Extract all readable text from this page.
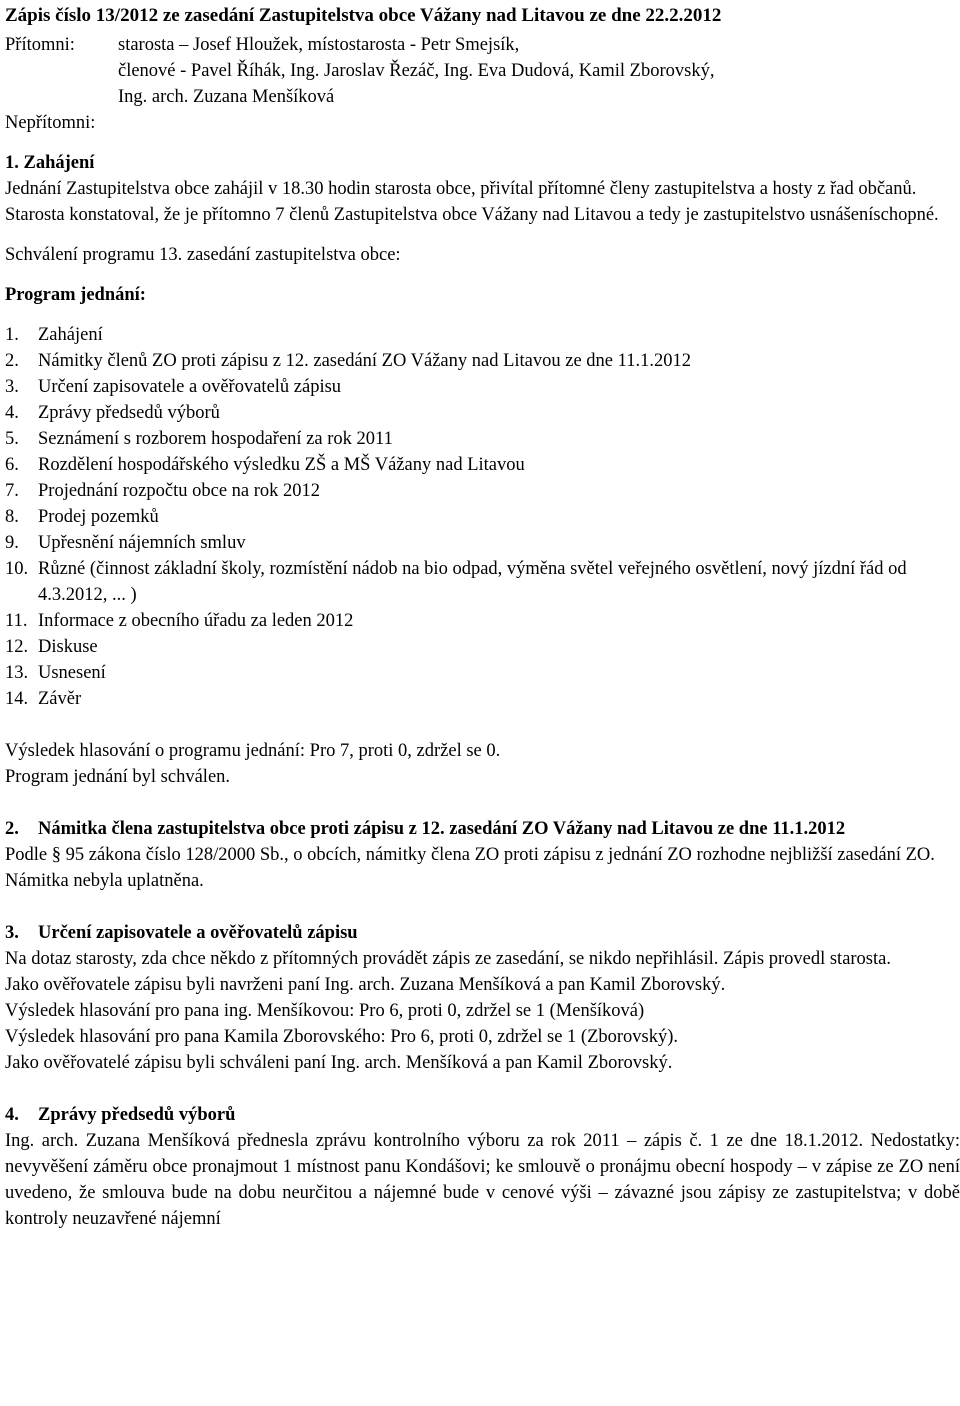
Zápis číslo 13/2012 ze zasedání Zastupitelstva obce Vážany nad Litavou ze dne 22.2.2012
Přítomni:	starosta – Josef Hloužek, místostarosta - Petr Smejsík,
členové - Pavel Říhák, Ing. Jaroslav Řezáč, Ing. Eva Dudová, Kamil Zborovský,
Ing. arch. Zuzana Menšíková
Nepřítomni:
1. Zahájení

Jednání Zastupitelstva obce zahájil v 18.30 hodin starosta obce, přivítal přítomné členy zastupitelstva a hosty z řad občanů.

Starosta konstatoval, že je přítomno 7 členů Zastupitelstva obce Vážany nad Litavou a tedy je zastupitelstvo usnášeníschopné.

Schválení programu 13. zasedání zastupitelstva obce:

Program jednání:
1.	Zahájení
2.	Námitky členů ZO proti zápisu z 12. zasedání ZO Vážany nad Litavou ze dne 11.1.2012
3.	Určení zapisovatele a ověřovatelů zápisu
4.	Zprávy předsedů výborů
5.	Seznámení s rozborem hospodaření za rok 2011
6.	Rozdělení hospodářského výsledku ZŠ a MŠ Vážany nad Litavou
7.	Projednání rozpočtu obce na rok 2012
8.	Prodej pozemků
9.	Upřesnění nájemních smluv
10. Různé (činnost základní školy, rozmístění nádob na bio odpad, výměna světel veřejného osvětlení, nový jízdní řád od 4.3.2012, ... )
11. Informace z obecního úřadu za leden 2012
12. Diskuse
13. Usnesení
14. Závěr

Výsledek hlasování o programu jednání: Pro 7, proti 0, zdržel se 0.

Program jednání byl schválen.

2.	Námitka člena zastupitelstva obce proti zápisu z 12. zasedání ZO Vážany nad Litavou ze dne 11.1.2012

Podle § 95 zákona číslo 128/2000 Sb., o obcích, námitky člena ZO proti zápisu z jednání ZO rozhodne nejbližší zasedání ZO.

Námitka nebyla uplatněna.

3.	Určení zapisovatele a ověřovatelů zápisu

Na dotaz starosty, zda chce někdo z přítomných provádět zápis ze zasedání, se nikdo nepřihlásil. Zápis provedl starosta.

Jako ověřovatele zápisu byli navrženi paní Ing. arch. Zuzana Menšíková a pan Kamil Zborovský.

Výsledek hlasování pro pana ing. Menšíkovou: Pro 6, proti 0, zdržel se 1 (Menšíková)

Výsledek hlasování pro pana Kamila Zborovského: Pro 6, proti 0, zdržel se 1 (Zborovský).

Jako ověřovatelé zápisu byli schváleni paní Ing. arch. Menšíková a pan Kamil Zborovský.

4.	Zprávy předsedů výborů

Ing. arch. Zuzana Menšíková přednesla zprávu kontrolního výboru za rok 2011 – zápis č. 1 ze dne 18.1.2012. Nedostatky: nevyvěšení záměru obce pronajmout 1 místnost panu Kondášovi; ke smlouvě o pronájmu obecní hospody – v zápise ze ZO není uvedeno, že smlouva bude na dobu neurčitou a nájemné bude v cenové výši – závazné jsou zápisy ze zastupitelstva; v době kontroly neuzavřené nájemní
